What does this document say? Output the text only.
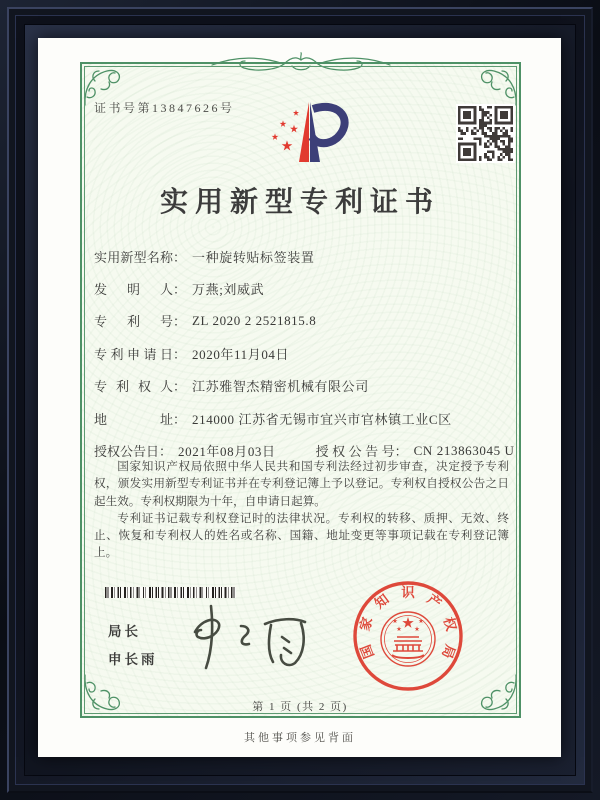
证书号第13847626号
实用新型专利证书
实用新型名称 ： 一种旋转贴标签装置
发明人 ： 万燕;刘威武
专利号 ： ZL 2020 2 2521815.8
专利申请日 ： 2020年11月04日
专利权人 ： 江苏雅智杰精密机械有限公司
地址 ： 214000 江苏省无锡市宜兴市官林镇工业C区
授权公告日 ： 2021年08月03日	授权公告号 ： CN 213863045 U

国家知识产权局依照中华人民共和国专利法经过初步审查，决定授予专利权，颁发实用新型专利证书并在专利登记簿上予以登记。专利权自授权公告之日起生效。专利权期限为十年，自申请日起算。

专利证书记载专利权登记时的法律状况。专利权的转移、质押、无效、终止、恢复和专利权人的姓名或名称、国籍、地址变更等事项记载在专利登记簿上。

局长
申长雨	国
家
知 识 产
权
局
第 1 页 (共 2 页)
其他事项参见背面
